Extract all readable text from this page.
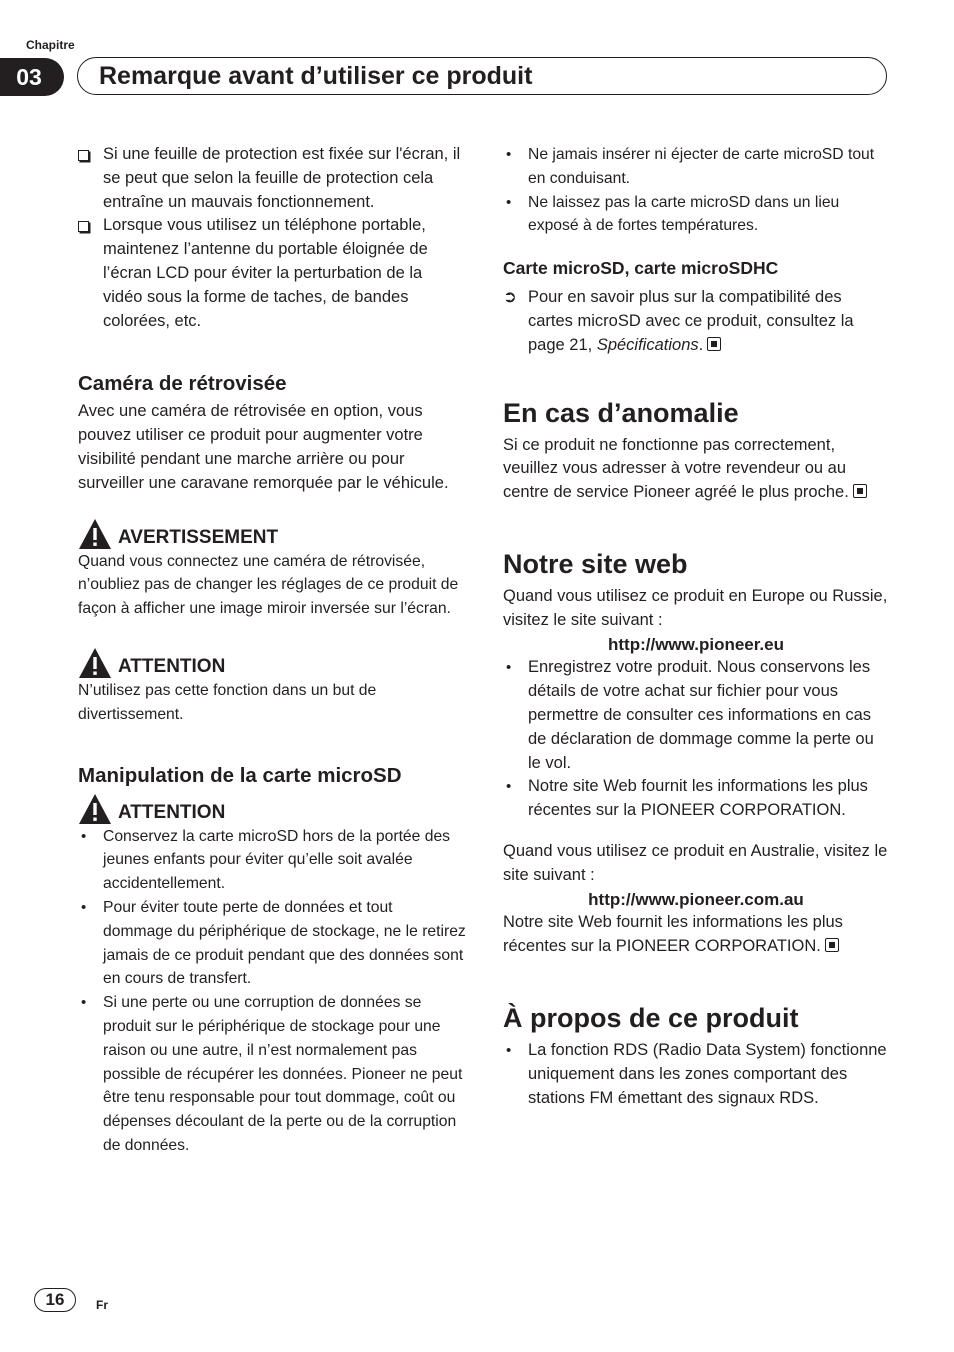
Chapitre
03	Remarque avant d’utiliser ce produit

Si une feuille de protection est fixée sur l'écran, il se peut que selon la feuille de protection cela entraîne un mauvais fonctionnement.

Lorsque vous utilisez un téléphone portable, maintenez l’antenne du portable éloignée de l’écran LCD pour éviter la perturbation de la vidéo sous la forme de taches, de bandes colorées, etc.

Caméra de rétrovisée

Avec une caméra de rétrovisée en option, vous pouvez utiliser ce produit pour augmenter votre visibilité pendant une marche arrière ou pour surveiller une caravane remorquée par le véhicule.

AVERTISSEMENT

Quand vous connectez une caméra de rétrovisée, n’oubliez pas de changer les réglages de ce produit de façon à afficher une image miroir inversée sur l’écran.

ATTENTION

N’utilisez pas cette fonction dans un but de divertissement.

Manipulation de la carte microSD
ATTENTION
•	Conservez la carte microSD hors de la portée des jeunes enfants pour éviter qu’elle soit avalée accidentellement.

•	Pour éviter toute perte de données et tout dommage du périphérique de stockage, ne le retirez jamais de ce produit pendant que des données sont en cours de transfert.

•	Si une perte ou une corruption de données se produit sur le périphérique de stockage pour une raison ou une autre, il n’est normalement pas possible de récupérer les données. Pioneer ne peut être tenu responsable pour tout dommage, coût ou dépenses découlant de la perte ou de la corruption de données.

•	Ne jamais insérer ni éjecter de carte microSD tout en conduisant.

•	Ne laissez pas la carte microSD dans un lieu exposé à de fortes températures.

Carte microSD, carte microSDHC
➲ Pour en savoir plus sur la compatibilité des cartes microSD avec ce produit, consultez la page 21, Spécifications.

En cas d’anomalie

Si ce produit ne fonctionne pas correctement, veuillez vous adresser à votre revendeur ou au centre de service Pioneer agréé le plus proche.

Notre site web

Quand vous utilisez ce produit en Europe ou Russie, visitez le site suivant :

http://www.pioneer.eu

•	Enregistrez votre produit. Nous conservons les détails de votre achat sur fichier pour vous permettre de consulter ces informations en cas de déclaration de dommage comme la perte ou le vol.

•	Notre site Web fournit les informations les plus récentes sur la PIONEER CORPORATION.

Quand vous utilisez ce produit en Australie, visitez le site suivant :

http://www.pioneer.com.au

Notre site Web fournit les informations les plus récentes sur la PIONEER CORPORATION.

À propos de ce produit
•	La fonction RDS (Radio Data System) fonctionne uniquement dans les zones comportant des stations FM émettant des signaux RDS.

16	Fr
